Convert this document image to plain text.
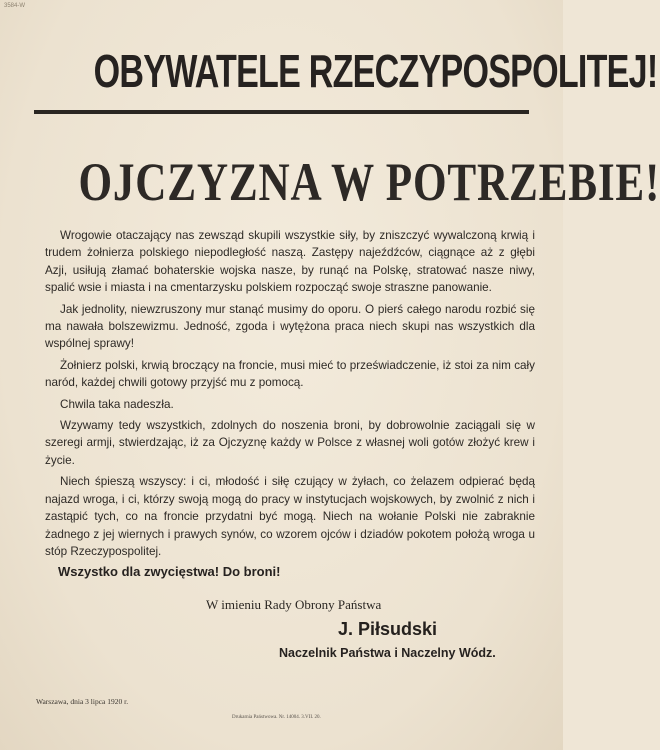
3584-W
OBYWATELE RZECZYPOSPOLITEJ!
OJCZYZNA W POTRZEBIE!

Wrogowie otaczający nas zewsząd skupili wszystkie siły, by zniszczyć wywalczoną krwią i trudem żołnierza polskiego niepodległość naszą. Zastępy najeźdźców, ciągnące aż z głębi Azji, usiłują złamać bohaterskie wojska nasze, by runąć na Polskę, stratować nasze niwy, spalić wsie i miasta i na cmentarzysku polskiem rozpocząć swoje straszne panowanie.

Jak jednolity, niewzruszony mur stanąć musimy do oporu. O pierś całego narodu rozbić się ma nawała bolszewizmu. Jedność, zgoda i wytężona praca niech skupi nas wszystkich dla wspólnej sprawy!

Żołnierz polski, krwią broczący na froncie, musi mieć to przeświadczenie, iż stoi za nim cały naród, każdej chwili gotowy przyjść mu z pomocą.

Chwila taka nadeszła.

Wzywamy tedy wszystkich, zdolnych do noszenia broni, by dobrowolnie zaciągali się w szeregi armji, stwierdzając, iż za Ojczyznę każdy w Polsce z własnej woli gotów złożyć krew i życie.

Niech śpieszą wszyscy: i ci, młodość i siłę czujący w żyłach, co żelazem odpierać będą najazd wroga, i ci, którzy swoją mogą do pracy w instytucjach wojskowych, by zwolnić z nich i zastąpić tych, co na froncie przydatni być mogą. Niech na wołanie Polski nie zabraknie żadnego z jej wiernych i prawych synów, co wzorem ojców i dziadów pokotem położą wroga u stóp Rzeczypospolitej.

Wszystko dla zwycięstwa! Do broni!
W imieniu Rady Obrony Państwa
J. Piłsudski
Naczelnik Państwa i Naczelny Wódz.
Warszawa, dnia 3 lipca 1920 r.
Drukarnia Państwowa. Nr. 14004. 3.VII. 20.
